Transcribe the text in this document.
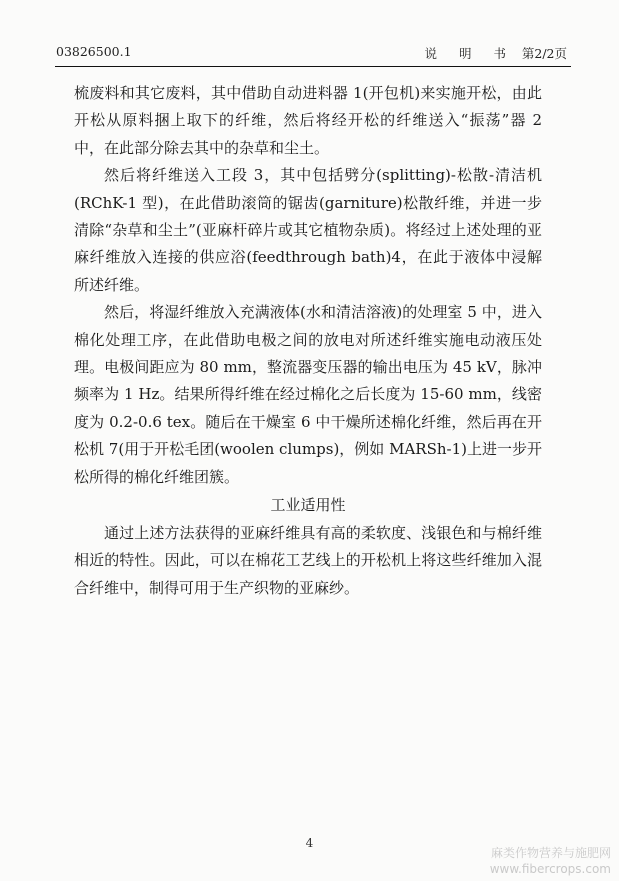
03826500.1	说 明 书 第2/2页

梳废料和其它废料，其中借助自动进料器 1(开包机)来实施开松，由此开松从原料捆上取下的纤维，然后将经开松的纤维送入“振荡”器 2 中，在此部分除去其中的杂草和尘土。

然后将纤维送入工段 3，其中包括劈分(splitting)-松散-清洁机(RChK-1 型)，在此借助滚筒的锯齿(garniture)松散纤维，并进一步清除“杂草和尘土”(亚麻杆碎片或其它植物杂质)。将经过上述处理的亚麻纤维放入连接的供应浴(feedthrough bath)4，在此于液体中浸解所述纤维。

然后，将湿纤维放入充满液体(水和清洁溶液)的处理室 5 中，进入棉化处理工序，在此借助电极之间的放电对所述纤维实施电动液压处理。电极间距应为 80 mm，整流器变压器的输出电压为 45 kV，脉冲频率为 1 Hz。结果所得纤维在经过棉化之后长度为 15-60 mm，线密度为 0.2-0.6 tex。随后在干燥室 6 中干燥所述棉化纤维，然后再在开松机 7(用于开松毛团(woolen clumps)，例如 MARSh-1)上进一步开松所得的棉化纤维团簇。

工业适用性

通过上述方法获得的亚麻纤维具有高的柔软度、浅银色和与棉纤维相近的特性。因此，可以在棉花工艺线上的开松机上将这些纤维加入混合纤维中，制得可用于生产织物的亚麻纱。

4
麻类作物营养与施肥网
www.fibercrops.com
